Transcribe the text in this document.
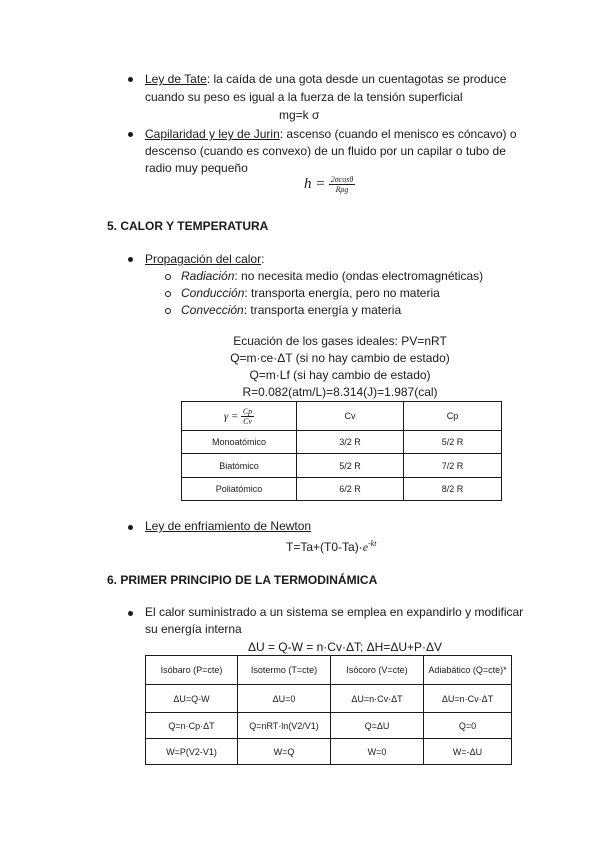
Ley de Tate: la caída de una gota desde un cuentagotas se produce
cuando su peso es igual a la fuerza de la tensión superficial
mg=k σ
Capilaridad y ley de Jurin: ascenso (cuando el menisco es cóncavo) o
descenso (cuando es convexo) de un fluido por un capilar o tubo de
radio muy pequeño
$h = \frac{2\sigma\cos\theta}{\text{Rρg}}$
5. CALOR Y TEMPERATURA
Propagación del calor:
Radiación: no necesita medio (ondas electromagnéticas)
Conducción: transporta energía, pero no materia
Convección: transporta energía y materia
Ecuación de los gases ideales: PV=nRT
Q=m·ce·ΔT (si no hay cambio de estado)
Q=m·Lf (si hay cambio de estado)
R=0.082(atm/L)=8.314(J)=1.987(cal)
$\gamma = \frac{Cp}{Cv}$	Cv	Cp
Monoatómico	3/2 R	5/2 R
Biatómico	5/2 R	7/2 R
Poliatómico	6/2 R	8/2 R
Ley de enfriamiento de Newton
$T=Ta+(T0-Ta)\cdot e^{-kt}$
6. PRIMER PRINCIPIO DE LA TERMODINÁMICA
El calor suministrado a un sistema se emplea en expandirlo y modificar
su energía interna
ΔU = Q-W = n·Cv·ΔT; ΔH=ΔU+P·ΔV
Isóbaro (P=cte)	Isotermo (T=cte)	Isócoro (V=cte)	Adiabático (Q=cte)*
ΔU=Q-W	ΔU=0	ΔU=n·Cv·ΔT	ΔU=n·Cv·ΔT
Q=n·Cp·ΔT	Q=nRT·ln(V2/V1)	Q=ΔU	Q=0
W=P(V2-V1)	W=Q	W=0	W=-ΔU
